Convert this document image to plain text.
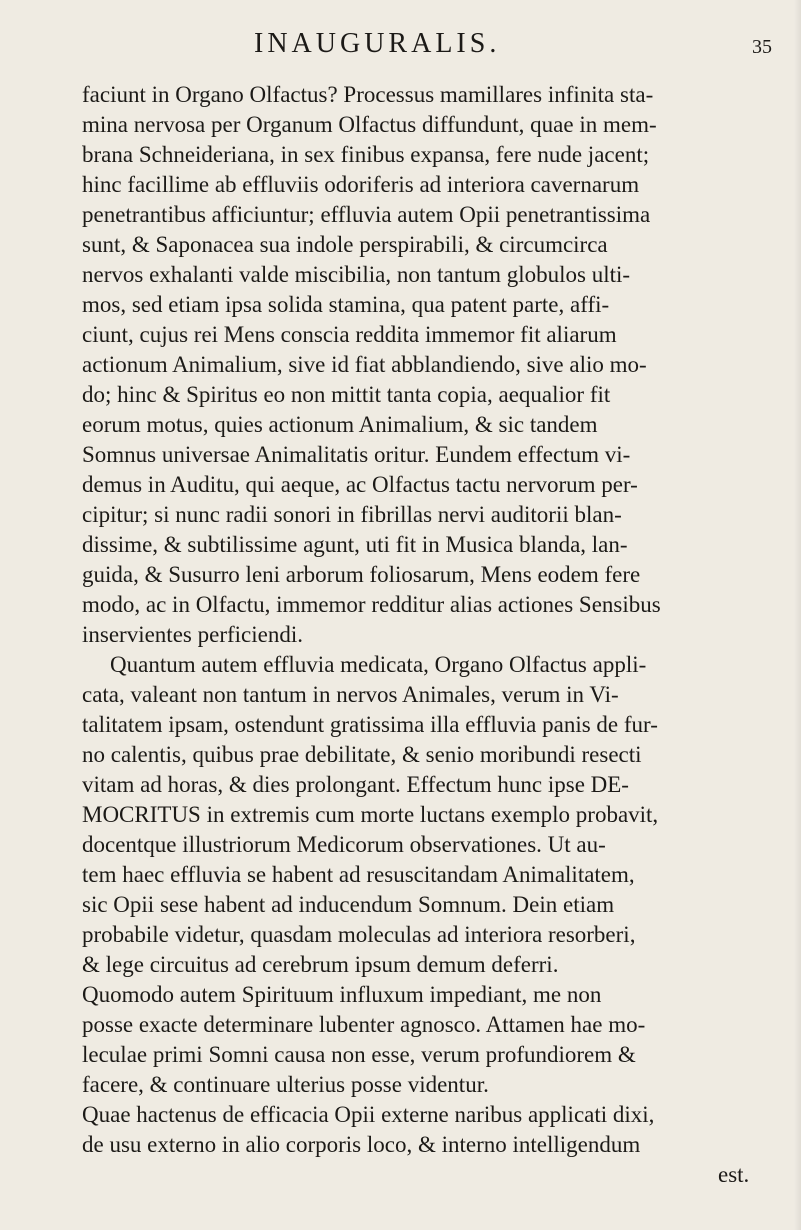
INAUGURALIS.	35
faciunt in Organo Olfactus? Processus mamillares infinita sta-
mina nervosa per Organum Olfactus diffundunt, quae in mem-
brana Schneideriana, in sex finibus expansa, fere nude jacent;
hinc facillime ab effluviis odoriferis ad interiora cavernarum
penetrantibus afficiuntur; effluvia autem Opii penetrantissima
sunt, & Saponacea sua indole perspirabili, & circumcirca
nervos exhalanti valde miscibilia, non tantum globulos ulti-
mos, sed etiam ipsa solida stamina, qua patent parte, affi-
ciunt, cujus rei Mens conscia reddita immemor fit aliarum
actionum Animalium, sive id fiat abblandiendo, sive alio mo-
do; hinc & Spiritus eo non mittit tanta copia, aequalior fit
eorum motus, quies actionum Animalium, & sic tandem
Somnus universae Animalitatis oritur. Eundem effectum vi-
demus in Auditu, qui aeque, ac Olfactus tactu nervorum per-
cipitur; si nunc radii sonori in fibrillas nervi auditorii blan-
dissime, & subtilissime agunt, uti fit in Musica blanda, lan-
guida, & Susurro leni arborum foliosarum, Mens eodem fere
modo, ac in Olfactu, immemor redditur alias actiones Sensibus
inservientes perficiendi.
Quantum autem effluvia medicata, Organo Olfactus appli-
cata, valeant non tantum in nervos Animales, verum in Vi-
talitatem ipsam, ostendunt gratissima illa effluvia panis de fur-
no calentis, quibus prae debilitate, & senio moribundi resecti
vitam ad horas, & dies prolongant. Effectum hunc ipse DE-
MOCRITUS in extremis cum morte luctans exemplo probavit,
docentque illustriorum Medicorum observationes. Ut au-
tem haec effluvia se habent ad resuscitandam Animalitatem,
sic Opii sese habent ad inducendum Somnum. Dein etiam
probabile videtur, quasdam moleculas ad interiora resorberi,
& lege circuitus ad cerebrum ipsum demum deferri.
Quomodo autem Spirituum influxum impediant, me non
posse exacte determinare lubenter agnosco. Attamen hae mo-
leculae primi Somni causa non esse, verum profundiorem &
facere, & continuare ulterius posse videntur.
Quae hactenus de efficacia Opii externe naribus applicati dixi,
de usu externo in alio corporis loco, & interno intelligendum
est.
